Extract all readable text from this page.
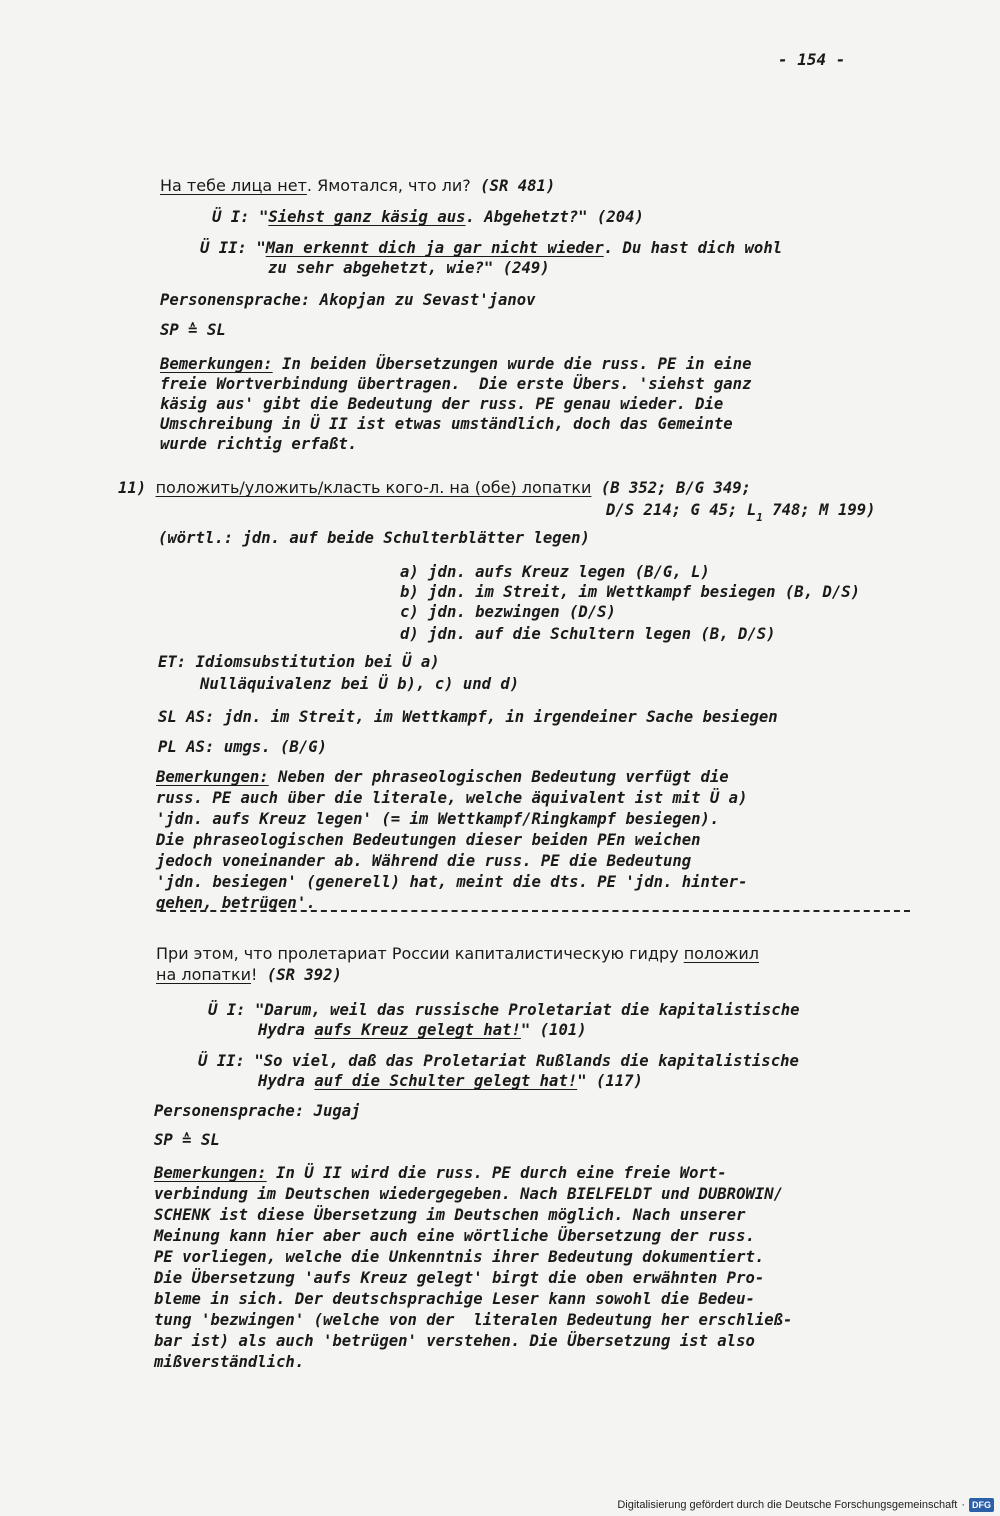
- 154 -
На тебе лица нет. Ямотался, что ли? (SR 481)
Ü I: "Siehst ganz käsig aus. Abgehetzt?" (204)
Ü II: "Man erkennt dich ja gar nicht wieder. Du hast dich wohl
zu sehr abgehetzt, wie?" (249)
Personensprache: Akopjan zu Sevast'janov
SP ≙ SL
Bemerkungen: In beiden Übersetzungen wurde die russ. PE in eine
freie Wortverbindung übertragen.  Die erste Übers. 'siehst ganz
käsig aus' gibt die Bedeutung der russ. PE genau wieder. Die
Umschreibung in Ü II ist etwas umständlich, doch das Gemeinte
wurde richtig erfaßt.
11) положить/уложить/класть кого-л. на (обе) лопатки (B 352; B/G 349;
D/S 214; G 45; $L_1$ 748; M 199)
(wörtl.: jdn. auf beide Schulterblätter legen)
a) jdn. aufs Kreuz legen (B/G, L)
b) jdn. im Streit, im Wettkampf besiegen (B, D/S)
c) jdn. bezwingen (D/S)
d) jdn. auf die Schultern legen (B, D/S)
ET: Idiomsubstitution bei Ü a)
Nulläquivalenz bei Ü b), c) und d)
SL AS: jdn. im Streit, im Wettkampf, in irgendeiner Sache besiegen
PL AS: umgs. (B/G)
Bemerkungen: Neben der phraseologischen Bedeutung verfügt die
russ. PE auch über die literale, welche äquivalent ist mit Ü a)
'jdn. aufs Kreuz legen' (= im Wettkampf/Ringkampf besiegen).
Die phraseologischen Bedeutungen dieser beiden PEn weichen
jedoch voneinander ab. Während die russ. PE die Bedeutung
'jdn. besiegen' (generell) hat, meint die dts. PE 'jdn. hinter-
gehen, betrügen'.
При этом, что пролетариат России капиталистическую гидру положил
на лопатки! (SR 392)
Ü I: "Darum, weil das russische Proletariat die kapitalistische
Hydra aufs Kreuz gelegt hat!" (101)
Ü II: "So viel, daß das Proletariat Rußlands die kapitalistische
Hydra auf die Schulter gelegt hat!" (117)
Personensprache: Jugaj
SP ≙ SL
Bemerkungen: In Ü II wird die russ. PE durch eine freie Wort-
verbindung im Deutschen wiedergegeben. Nach BIELFELDT und DUBROWIN/
SCHENK ist diese Übersetzung im Deutschen möglich. Nach unserer
Meinung kann hier aber auch eine wörtliche Übersetzung der russ.
PE vorliegen, welche die Unkenntnis ihrer Bedeutung dokumentiert.
Die Übersetzung 'aufs Kreuz gelegt' birgt die oben erwähnten Pro-
bleme in sich. Der deutschsprachige Leser kann sowohl die Bedeu-
tung 'bezwingen' (welche von der  literalen Bedeutung her erschließ-
bar ist) als auch 'betrügen' verstehen. Die Übersetzung ist also
mißverständlich.
Digitalisierung gefördert durch die Deutsche Forschungsgemeinschaft · DFG
